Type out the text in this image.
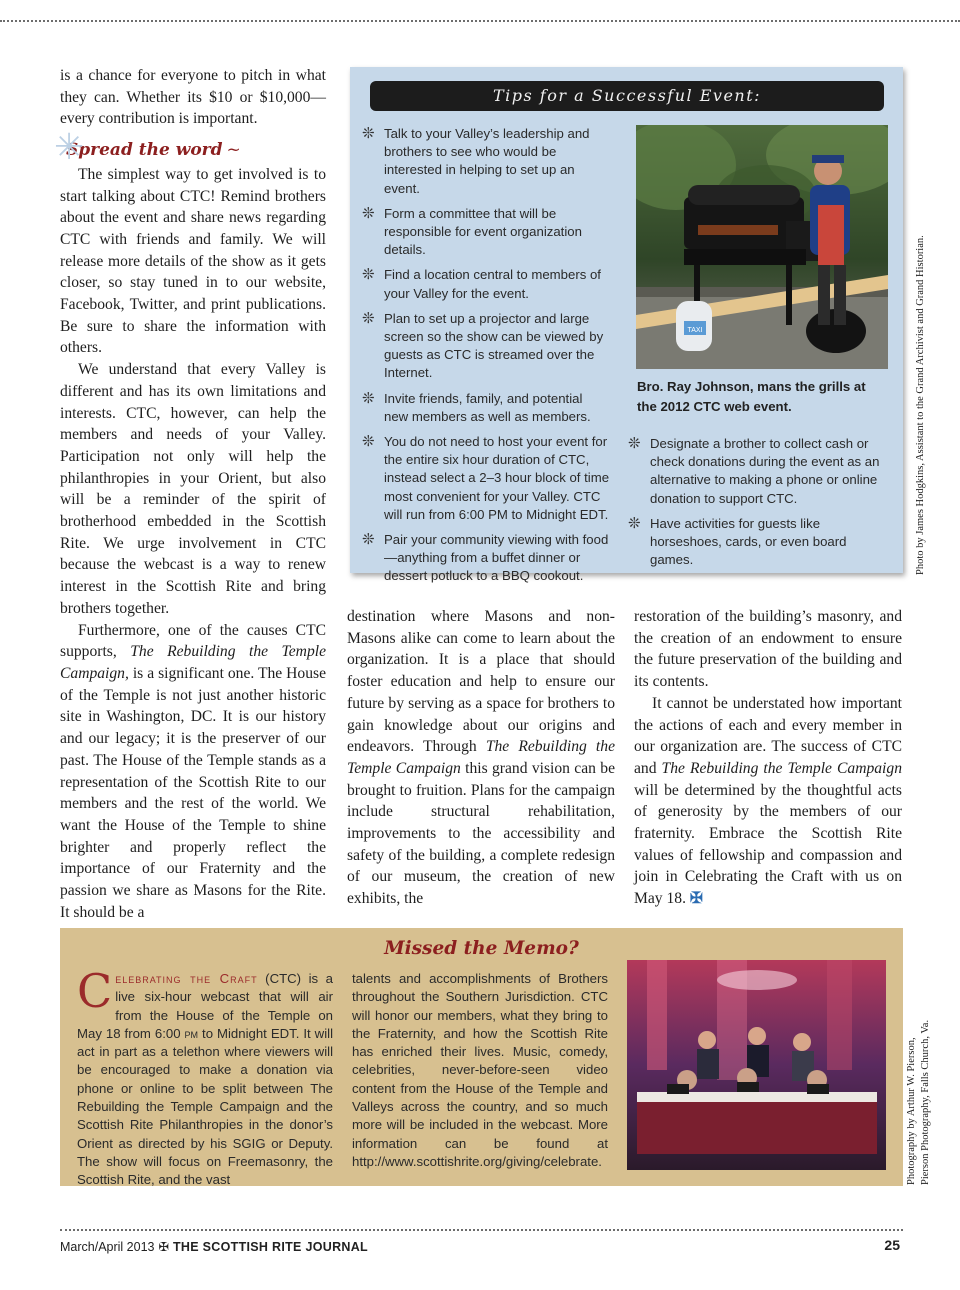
is a chance for everyone to pitch in what they can. Whether its $10 or $10,000—every contribution is important.

✳
Spread the word ~

The simplest way to get involved is to start talking about CTC! Remind brothers about the event and share news regarding CTC with friends and family. We will release more details of the show as it gets closer, so stay tuned in to our website, Facebook, Twitter, and print publications. Be sure to share the information with others.

We understand that every Valley is different and has its own limitations and interests. CTC, however, can help the members and needs of your Valley. Participation not only will help the philanthropies in your Orient, but also will be a reminder of the spirit of brotherhood embedded in the Scottish Rite. We urge involvement in CTC because the webcast is a way to renew interest in the Scottish Rite and bring brothers together.

Furthermore, one of the causes CTC supports, The Rebuilding the Temple Campaign, is a significant one. The House of the Temple is not just another historic site in Washington, DC. It is our history and our legacy; it is the preserver of our past. The House of the Temple stands as a representation of the Scottish Rite to our members and the rest of the world. We want the House of the Temple to shine brighter and properly reflect the importance of our Fraternity and the passion we share as Masons for the Rite. It should be a

Tips for a Successful Event:
❊ Talk to your Valley’s leadership and brothers to see who would be interested in helping to set up an event.
❊ Form a committee that will be responsible for event organization details.
❊ Find a location central to members of your Valley for the event.
❊ Plan to set up a projector and large screen so the show can be viewed by guests as CTC is streamed over the Internet.
❊ Invite friends, family, and potential new members as well as members.
❊ You do not need to host your event for the entire six hour duration of CTC, instead select a 2–3 hour block of time most convenient for your Valley. CTC will run from 6:00 PM to Midnight EDT.
❊ Pair your community viewing with food—anything from a buffet dinner or dessert potluck to a BBQ cookout.
TAXI
Bro. Ray Johnson, mans the grills at the 2012 CTC web event.
❊ Designate a brother to collect cash or check donations during the event as an alternative to making a phone or online donation to support CTC.
❊ Have activities for guests like horseshoes, cards, or even board games.	Photo by James Hodgkins, Assistant to the Grand Archivist and Grand Historian.

destination where Masons and non-Masons alike can come to learn about the organization. It is a place that should foster education and help to ensure our future by serving as a space for brothers to gain knowledge about our origins and endeavors. Through The Rebuilding the Temple Campaign this grand vision can be brought to fruition. Plans for the campaign include structural rehabilitation, improvements to the accessibility and safety of the building, a complete redesign of our museum, the creation of new exhibits, the

restoration of the building’s masonry, and the creation of an endowment to ensure the future preservation of the building and its contents.

It cannot be understated how important the actions of each and every member in our organization are. The success of CTC and The Rebuilding the Temple Campaign will be determined by the thoughtful acts of generosity by the members of our fraternity. Embrace the Scottish Rite values of fellowship and compassion and join in Celebrating the Craft with us on May 18. ✠

Missed the Memo?
Celebrating the Craft (CTC) is a live six-hour webcast that will air from the House of the Temple on May 18 from 6:00 pm to Midnight EDT. It will act in part as a telethon where viewers will be encouraged to make a donation via phone or online to be split between The Rebuilding the Temple Campaign and the Scottish Rite Philanthropies in the donor’s Orient as directed by his SGIG or Deputy. The show will focus on Freemasonry, the Scottish Rite, and the vast
talents and accomplishments of Brothers throughout the Southern Jurisdiction. CTC will honor our members, what they bring to the Fraternity, and how the Scottish Rite has enriched their lives. Music, comedy, celebrities, never-before-seen video content from the House of the Temple and Valleys across the country, and so much more will be included in the webcast. More information can be found at http://www.scottishrite.org/giving/celebrate.	Photography by Arthur W. Pierson, Pierson Photography, Falls Church, Va.
March/April 2013 ✠ THE SCOTTISH RITE JOURNAL	25
